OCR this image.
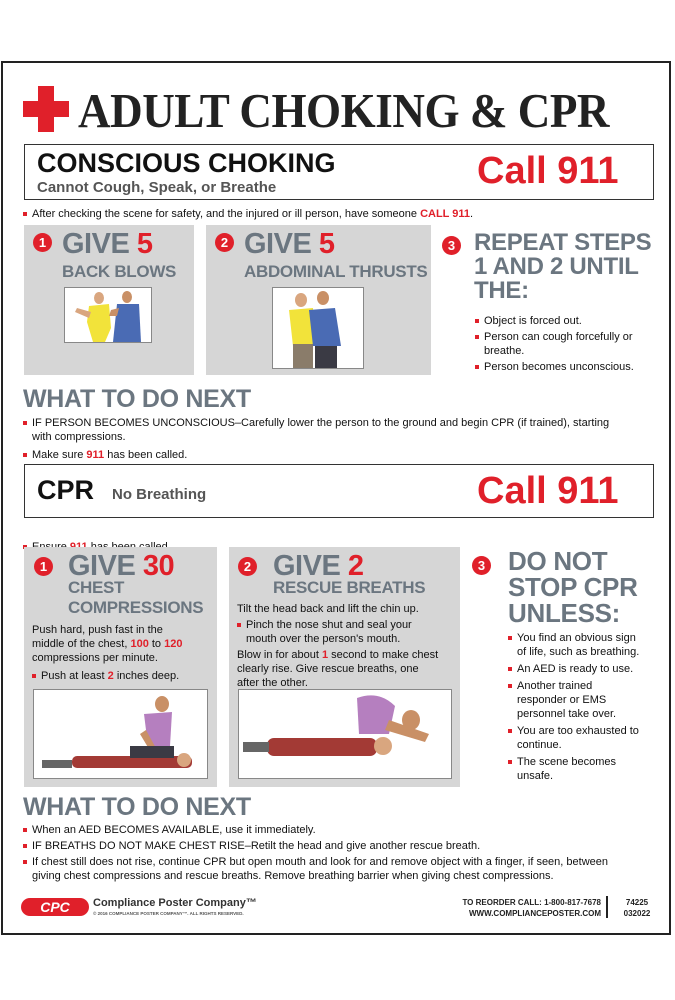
ADULT CHOKING & CPR
CONSCIOUS CHOKING
Cannot Cough, Speak, or Breathe	Call 911
After checking the scene for safety, and the injured or ill person, have someone CALL 911.
1 GIVE 5
BACK BLOWS
2 GIVE 5
ABDOMINAL THRUSTS
3 REPEAT STEPS
1 AND 2 UNTIL
THE:
Object is forced out.
Person can cough forcefully or breathe.
Person becomes unconscious.
WHAT TO DO NEXT
IF PERSON BECOMES UNCONSCIOUS–Carefully lower the person to the ground and begin CPR (if trained), starting
with compressions.
Make sure 911 has been called.
CPR No Breathing	Call 911
1 GIVE 30
CHEST
COMPRESSIONS
Push hard, push fast in the
middle of the chest, 100 to 120
compressions per minute.
Push at least 2 inches deep.
2 GIVE 2
RESCUE BREATHS
Tilt the head back and lift the chin up.
Pinch the nose shut and seal your
mouth over the person's mouth.
Blow in for about 1 second to make chest
clearly rise. Give rescue breaths, one
after the other.
3 DO NOT
STOP CPR
UNLESS:
You find an obvious sign
of life, such as breathing.
An AED is ready to use.
Another trained
responder or EMS
personnel take over.
You are too exhausted to
continue.
The scene becomes
unsafe.
WHAT TO DO NEXT
When an AED BECOMES AVAILABLE, use it immediately.
IF BREATHS DO NOT MAKE CHEST RISE–Retilt the head and give another rescue breath.
If chest still does not rise, continue CPR but open mouth and look for and remove object with a finger, if seen, between
giving chest compressions and rescue breaths. Remove breathing barrier when giving chest compressions.
CPC	Compliance Poster Company™
© 2016 COMPLIANCE POSTER COMPANY™. ALL RIGHTS RESERVED.
TO REORDER CALL: 1-800-817-7678
WWW.COMPLIANCEPOSTER.COM
74225
032022
